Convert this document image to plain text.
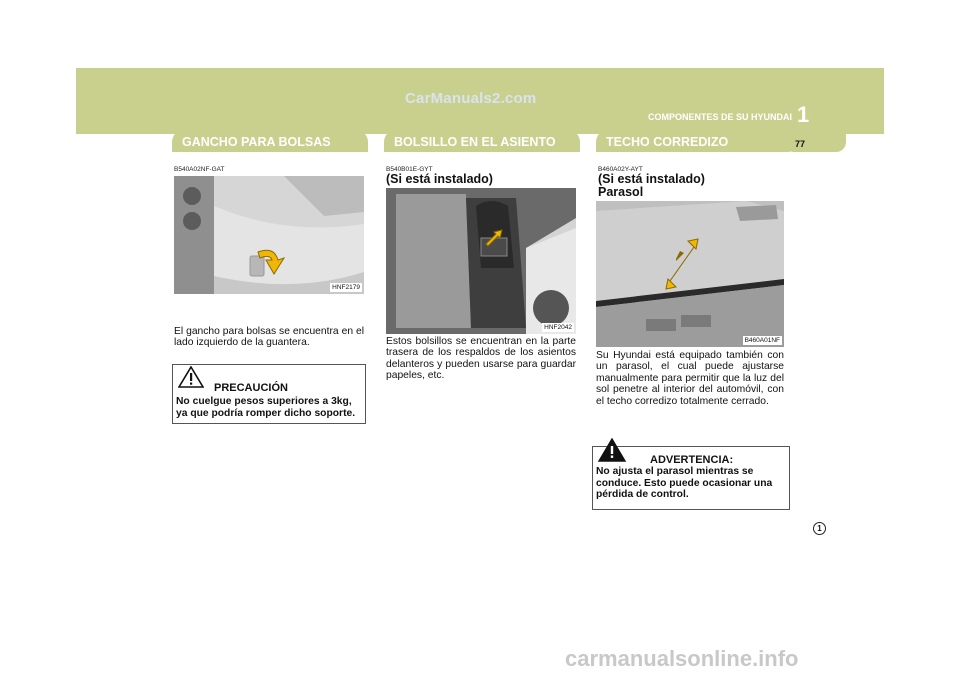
CarManuals2.com
COMPONENTES DE SU HYUNDAI 1
77
GANCHO PARA BOLSAS	BOLSILLO EN EL ASIENTO	TECHO CORREDIZO
B540A02NF-GAT
HNF2179
El gancho para bolsas se encuentra en el lado izquierdo de la guantera.
PRECAUCIÓN
No cuelgue pesos superiores a 3kg, ya que podría romper dicho soporte.
B540B01E-GYT
(Si está instalado)
HNF2042
Estos bolsillos se encuentran en la parte trasera de los respaldos de los asientos delanteros y pueden usarse para guardar papeles, etc.
B460A02Y-AYT
(Si está instalado)
Parasol
B460A01NF
Su Hyundai está equipado también con un parasol, el cual puede ajustarse manualmente para permitir que la luz del sol penetre al interior del automóvil, con el techo corredizo totalmente cerrado.
ADVERTENCIA:
No ajusta el parasol mientras se conduce. Esto puede ocasionar una pérdida de control.
1
carmanualsonline.info
